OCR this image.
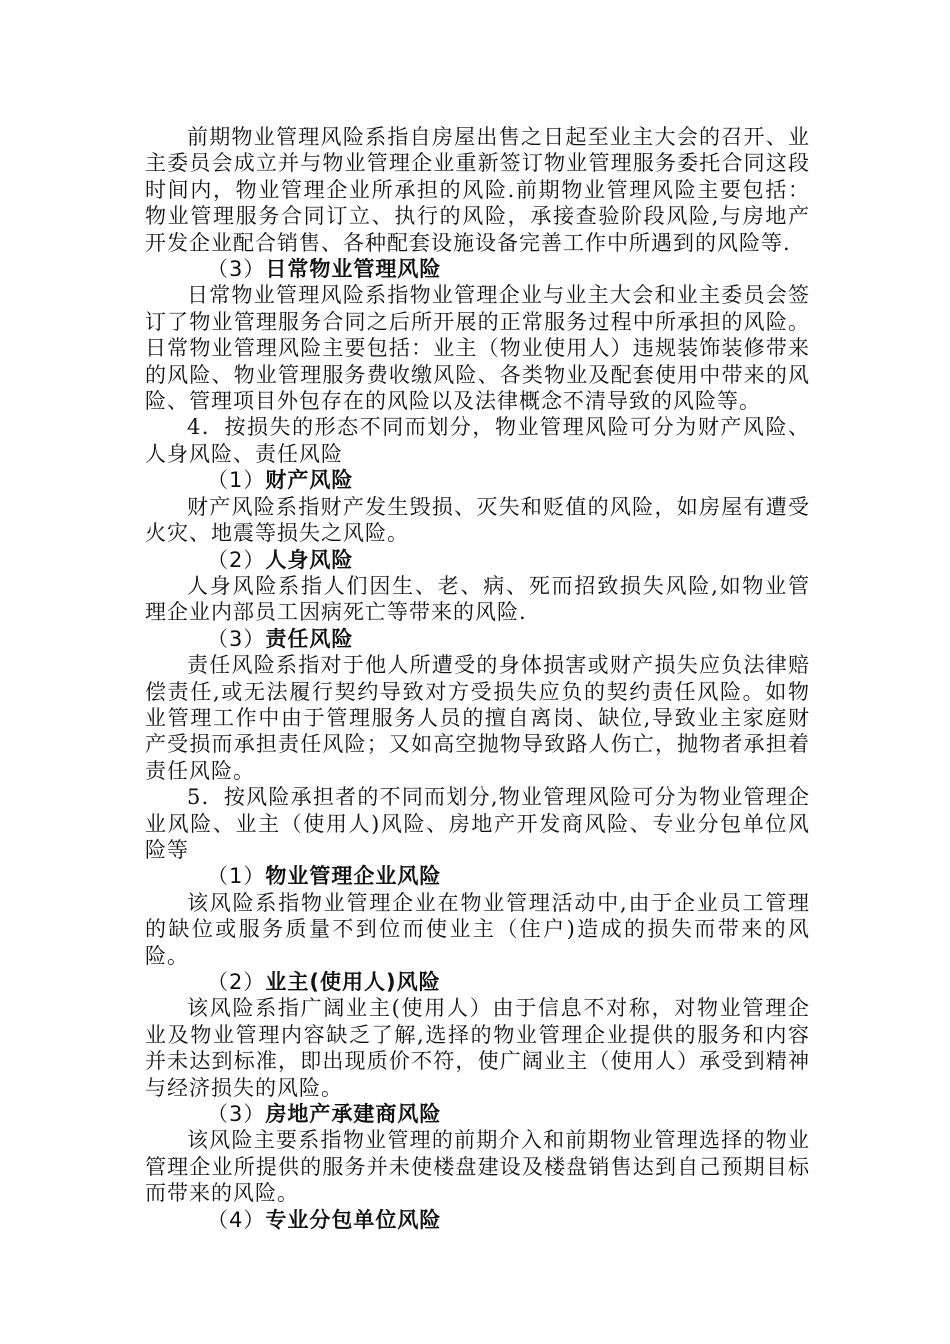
前期物业管理风险系指自房屋出售之日起至业主大会的召开、业主委员会成立并与物业管理企业重新签订物业管理服务委托合同这段时间内，物业管理企业所承担的风险.前期物业管理风险主要包括：物业管理服务合同订立、执行的风险，承接查验阶段风险,与房地产开发企业配合销售、各种配套设施设备完善工作中所遇到的风险等.

（3）日常物业管理风险

日常物业管理风险系指物业管理企业与业主大会和业主委员会签订了物业管理服务合同之后所开展的正常服务过程中所承担的风险。日常物业管理风险主要包括：业主（物业使用人）违规装饰装修带来的风险、物业管理服务费收缴风险、各类物业及配套使用中带来的风险、管理项目外包存在的风险以及法律概念不清导致的风险等。

4．按损失的形态不同而划分，物业管理风险可分为财产风险、人身风险、责任风险

（1）财产风险

财产风险系指财产发生毁损、灭失和贬值的风险，如房屋有遭受火灾、地震等损失之风险。

（2）人身风险

人身风险系指人们因生、老、病、死而招致损失风险,如物业管理企业内部员工因病死亡等带来的风险.

（3）责任风险

责任风险系指对于他人所遭受的身体损害或财产损失应负法律赔偿责任,或无法履行契约导致对方受损失应负的契约责任风险。如物业管理工作中由于管理服务人员的擅自离岗、缺位,导致业主家庭财产受损而承担责任风险；又如高空抛物导致路人伤亡，抛物者承担着责任风险。

5．按风险承担者的不同而划分,物业管理风险可分为物业管理企业风险、业主（使用人)风险、房地产开发商风险、专业分包单位风险等

（1）物业管理企业风险

该风险系指物业管理企业在物业管理活动中,由于企业员工管理的缺位或服务质量不到位而使业主（住户)造成的损失而带来的风险。

（2）业主(使用人)风险

该风险系指广阔业主(使用人）由于信息不对称，对物业管理企业及物业管理内容缺乏了解,选择的物业管理企业提供的服务和内容并未达到标准，即出现质价不符，使广阔业主（使用人）承受到精神与经济损失的风险。

（3）房地产承建商风险

该风险主要系指物业管理的前期介入和前期物业管理选择的物业管理企业所提供的服务并未使楼盘建设及楼盘销售达到自己预期目标而带来的风险。

（4）专业分包单位风险
